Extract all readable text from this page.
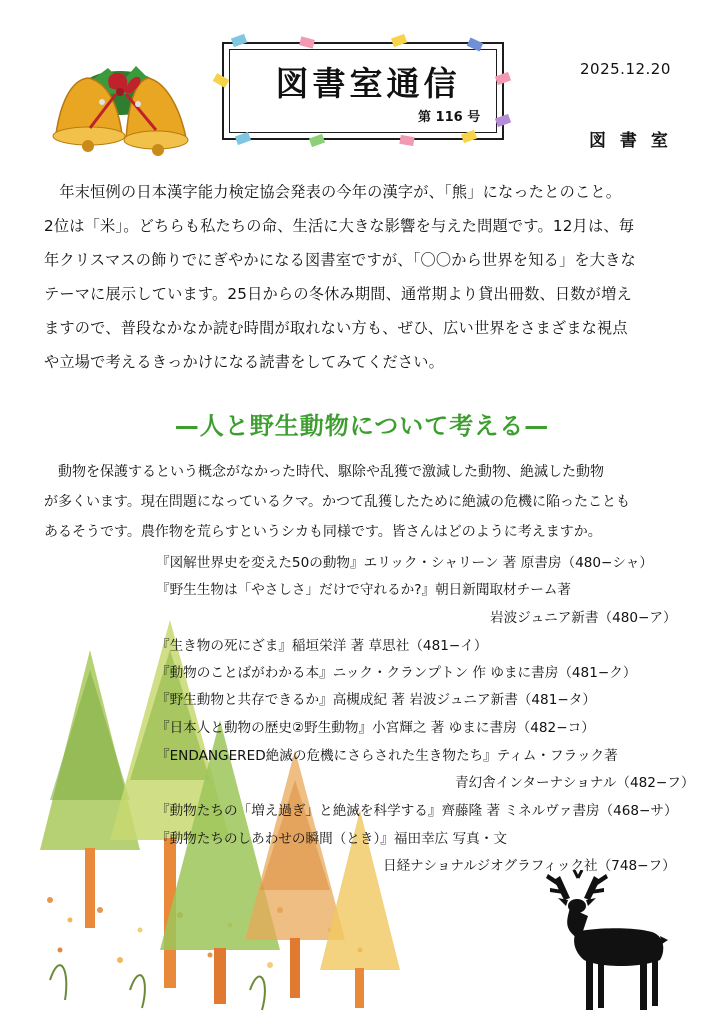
図書室通信
第 116 号
2025.12.20
図 書 室
　年末恒例の日本漢字能力検定協会発表の今年の漢字が、「熊」になったとのこと。
2位は「米」。どちらも私たちの命、生活に大きな影響を与えた問題です。12月は、毎
年クリスマスの飾りでにぎやかになる図書室ですが、「〇〇から世界を知る」を大きな
テーマに展示しています。25日からの冬休み期間、通常期より貸出冊数、日数が増え
ますので、普段なかなか読む時間が取れない方も、ぜひ、広い世界をさまざまな視点
や立場で考えるきっかけになる読書をしてみてください。
—人と野生動物について考える—
　動物を保護するという概念がなかった時代、駆除や乱獲で激減した動物、絶滅した動物
が多くいます。現在問題になっているクマ。かつて乱獲したために絶滅の危機に陥ったことも
あるそうです。農作物を荒らすというシカも同様です。皆さんはどのように考えますか。
『図解世界史を変えた50の動物』エリック・シャリーン 著 原書房（480−シャ）
『野生生物は「やさしさ」だけで守れるか?』朝日新聞取材チーム著
岩波ジュニア新書（480−ア）
『生き物の死にざま』稲垣栄洋 著 草思社（481−イ）
『動物のことばがわかる本』ニック・クランプトン 作 ゆまに書房（481−ク）
『野生動物と共存できるか』高槻成紀 著 岩波ジュニア新書（481−タ）
『日本人と動物の歴史②野生動物』小宮輝之 著 ゆまに書房（482−コ）
『ENDANGERED絶滅の危機にさらされた生き物たち』ティム・フラック著
青幻舎インターナショナル（482−フ）
『動物たちの「増え過ぎ」と絶滅を科学する』齊藤隆 著 ミネルヴァ書房（468−サ）
『動物たちのしあわせの瞬間（とき）』福田幸広 写真・文
日経ナショナルジオグラフィック社（748−フ）
